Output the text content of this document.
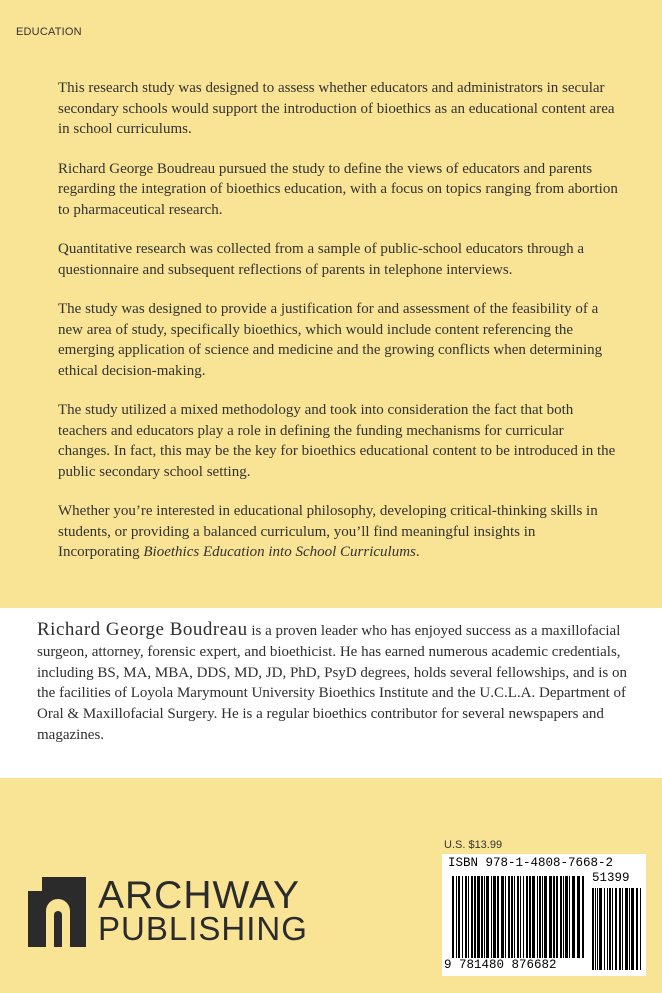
EDUCATION

This research study was designed to assess whether educators and administrators in secular secondary schools would support the introduction of bioethics as an educational content area in school curriculums.

Richard George Boudreau pursued the study to define the views of educators and parents regarding the integration of bioethics education, with a focus on topics ranging from abortion to pharmaceutical research.

Quantitative research was collected from a sample of public-school educators through a questionnaire and subsequent reflections of parents in telephone interviews.

The study was designed to provide a justification for and assessment of the feasibility of a new area of study, specifically bioethics, which would include content referencing the emerging application of science and medicine and the growing conflicts when determining ethical decision-making.

The study utilized a mixed methodology and took into consideration the fact that both teachers and educators play a role in defining the funding mechanisms for curricular changes. In fact, this may be the key for bioethics educational content to be introduced in the public secondary school setting.

Whether you’re interested in educational philosophy, developing critical-thinking skills in students, or providing a balanced curriculum, you’ll find meaningful insights in Incorporating Bioethics Education into School Curriculums.

Richard George Boudreau is a proven leader who has enjoyed success as a maxillofacial surgeon, attorney, forensic expert, and bioethicist. He has earned numerous academic credentials, including BS, MA, MBA, DDS, MD, JD, PhD, PsyD degrees, holds several fellowships, and is on the facilities of Loyola Marymount University Bioethics Institute and the U.C.L.A. Department of Oral & Maxillofacial Surgery. He is a regular bioethics contributor for several newspapers and magazines.
ARCHWAY
PUBLISHING
U.S. $13.99
ISBN 978-1-4808-7668-2
51399
9 781480 876682
